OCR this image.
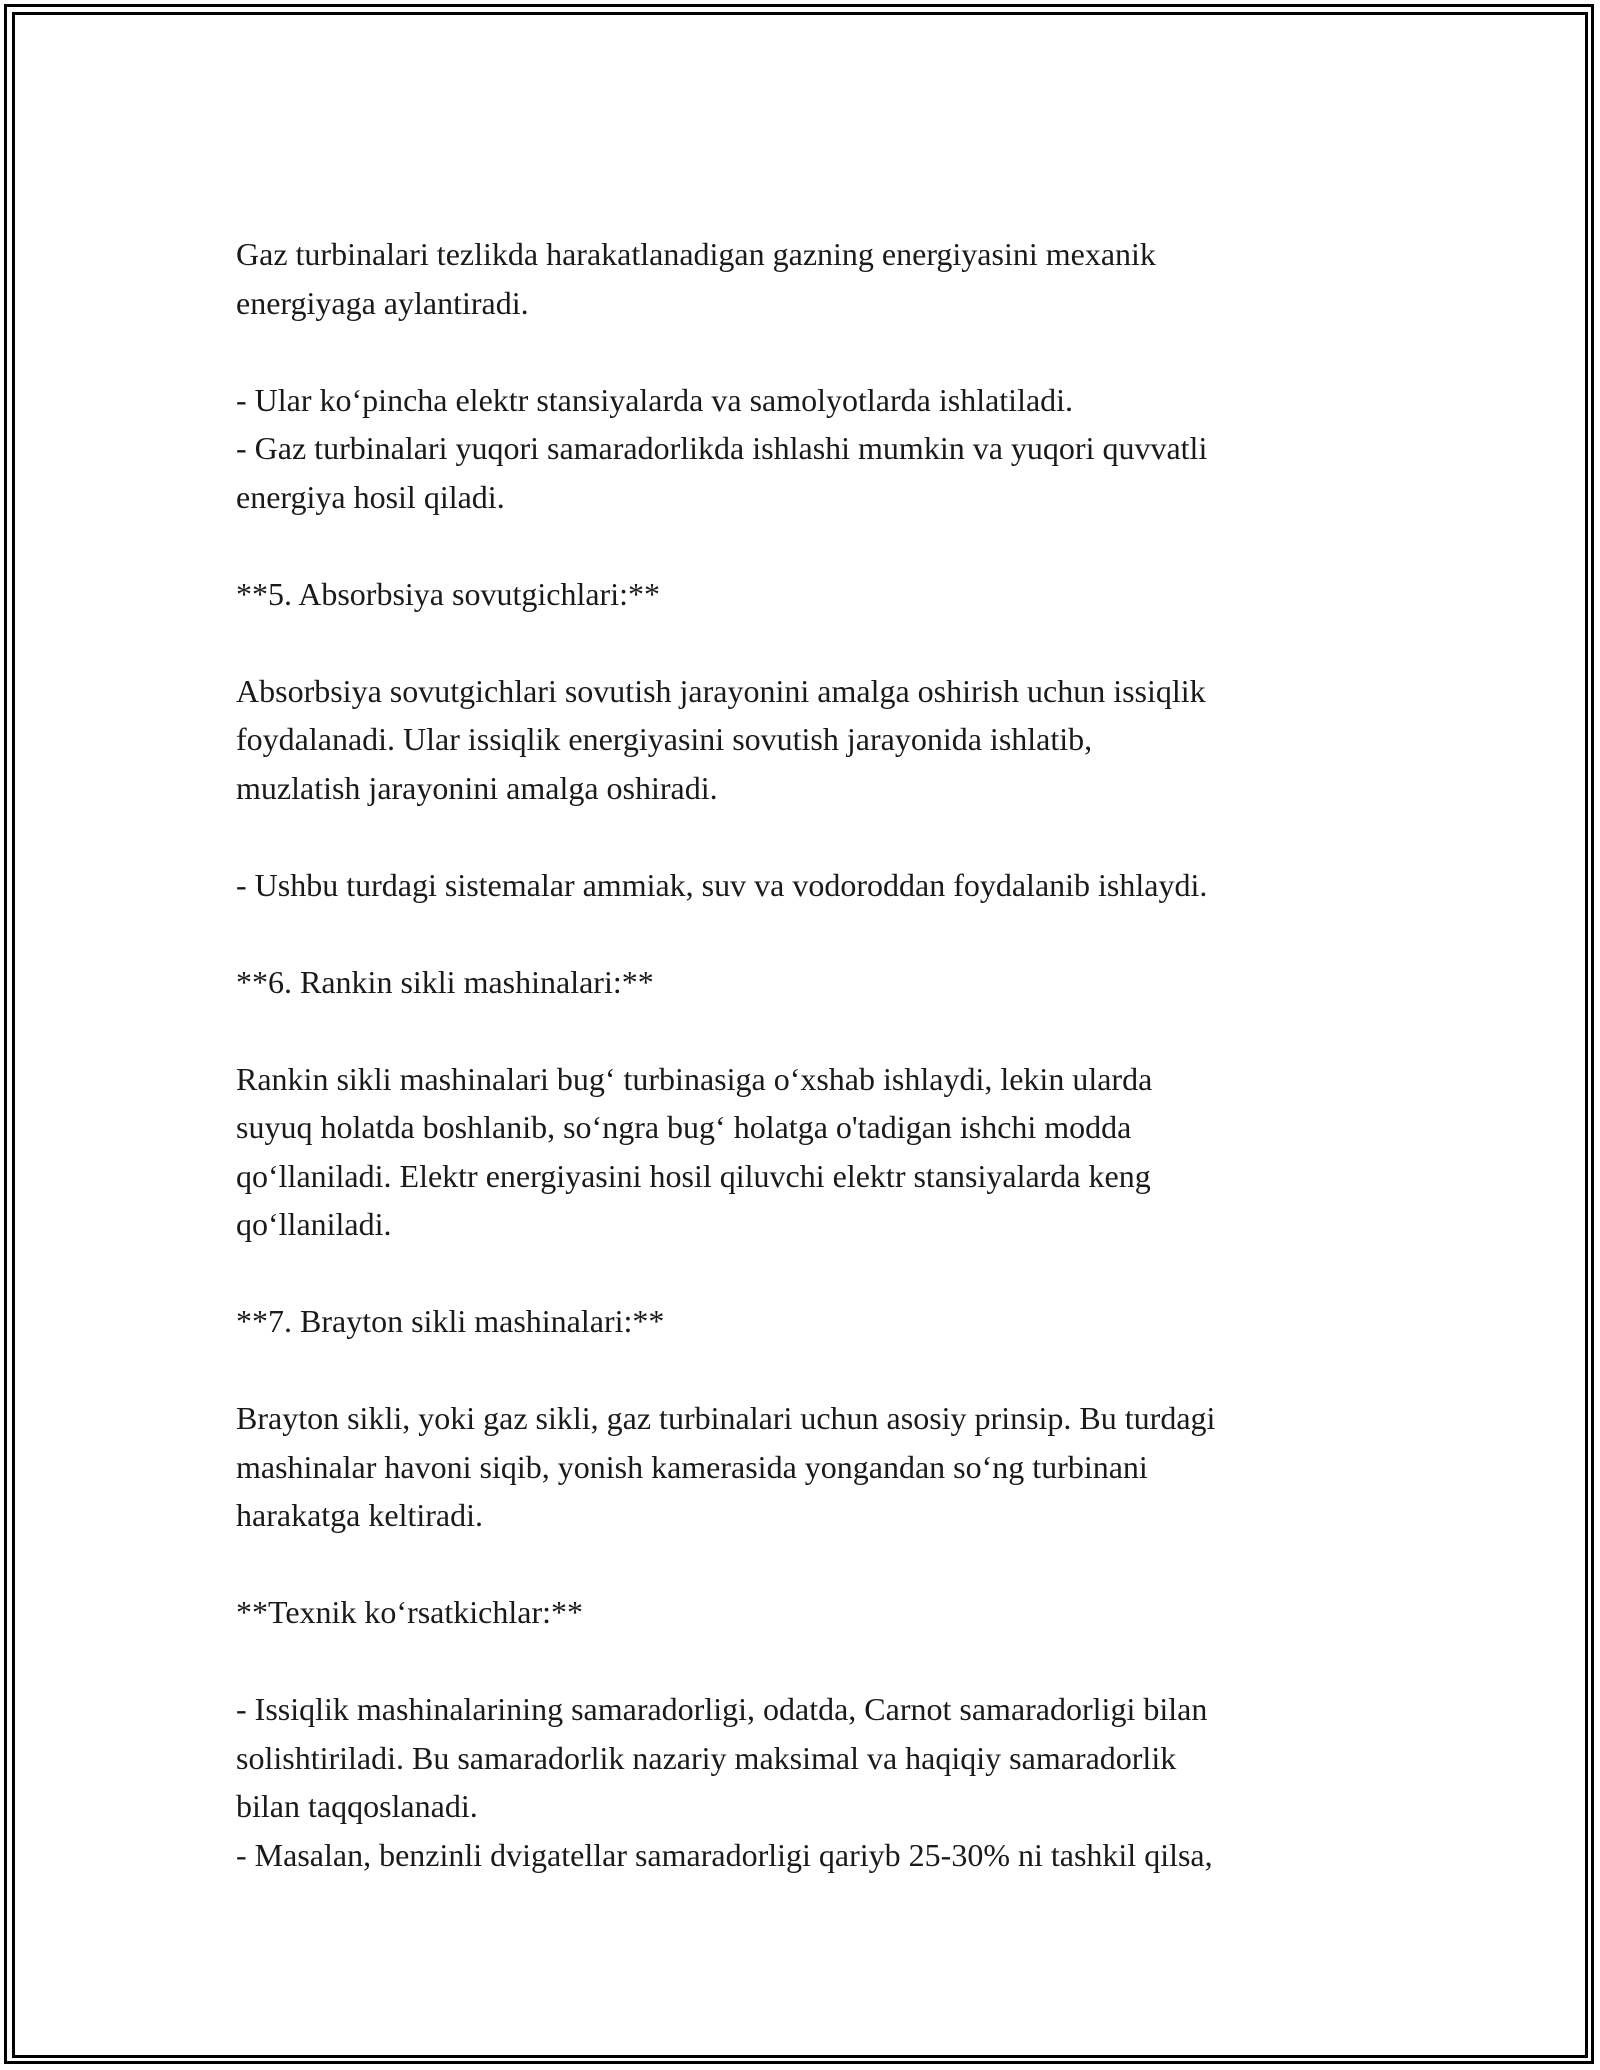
Gaz turbinalari tezlikda harakatlanadigan gazning energiyasini mexanik
energiyaga aylantiradi.
- Ular ko‘pincha elektr stansiyalarda va samolyotlarda ishlatiladi.
- Gaz turbinalari yuqori samaradorlikda ishlashi mumkin va yuqori quvvatli
energiya hosil qiladi.
**5. Absorbsiya sovutgichlari:**
Absorbsiya sovutgichlari sovutish jarayonini amalga oshirish uchun issiqlik
foydalanadi. Ular issiqlik energiyasini sovutish jarayonida ishlatib,
muzlatish jarayonini amalga oshiradi.
- Ushbu turdagi sistemalar ammiak, suv va vodoroddan foydalanib ishlaydi.
**6. Rankin sikli mashinalari:**
Rankin sikli mashinalari bug‘ turbinasiga o‘xshab ishlaydi, lekin ularda
suyuq holatda boshlanib, so‘ngra bug‘ holatga o'tadigan ishchi modda
qo‘llaniladi. Elektr energiyasini hosil qiluvchi elektr stansiyalarda keng
qo‘llaniladi.
**7. Brayton sikli mashinalari:**
Brayton sikli, yoki gaz sikli, gaz turbinalari uchun asosiy prinsip. Bu turdagi
mashinalar havoni siqib, yonish kamerasida yongandan so‘ng turbinani
harakatga keltiradi.
**Texnik ko‘rsatkichlar:**
- Issiqlik mashinalarining samaradorligi, odatda, Carnot samaradorligi bilan
solishtiriladi. Bu samaradorlik nazariy maksimal va haqiqiy samaradorlik
bilan taqqoslanadi.
- Masalan, benzinli dvigatellar samaradorligi qariyb 25-30% ni tashkil qilsa,
